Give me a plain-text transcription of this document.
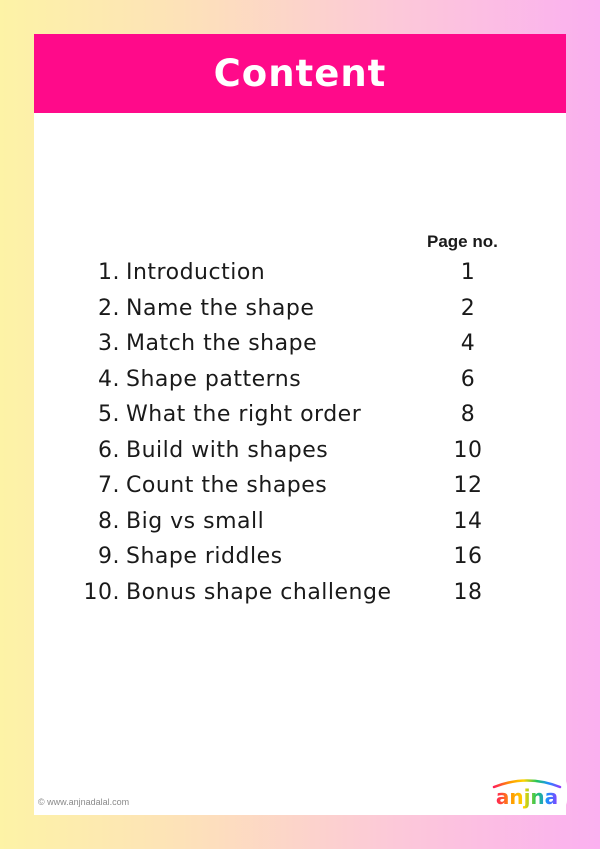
Content
Page no.
1. Introduction	1
2. Name the shape	2
3. Match the shape	4
4. Shape patterns	6
5. What the right order	8
6. Build with shapes	10
7. Count the shapes	12
8. Big vs small	14
9. Shape riddles	16
10. Bonus shape challenge	18
© www.anjnadalal.com	anjna
